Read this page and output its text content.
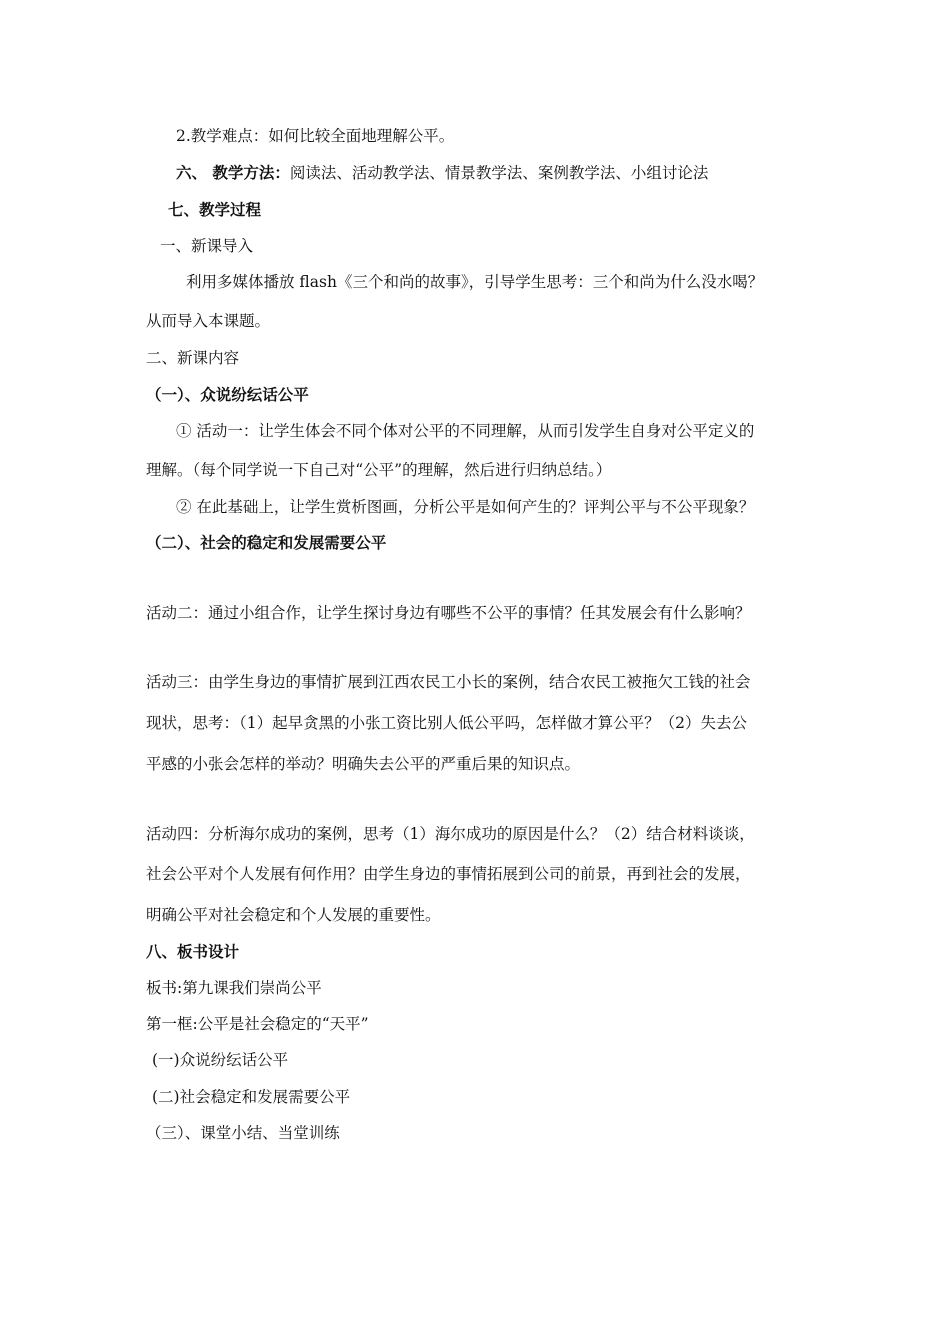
2.教学难点：如何比较全面地理解公平。
六、 教学方法：阅读法、活动教学法、情景教学法、案例教学法、小组讨论法
七、教学过程
一、新课导入
利用多媒体播放 flash《三个和尚的故事》，引导学生思考：三个和尚为什么没水喝？
从而导入本课题。
二、新课内容
（一）、众说纷纭话公平
① 活动一：让学生体会不同个体对公平的不同理解，从而引发学生自身对公平定义的
理解。（每个同学说一下自己对“公平”的理解，然后进行归纳总结。）
② 在此基础上，让学生赏析图画，分析公平是如何产生的？评判公平与不公平现象？
（二）、社会的稳定和发展需要公平
活动二：通过小组合作，让学生探讨身边有哪些不公平的事情？任其发展会有什么影响？
活动三：由学生身边的事情扩展到江西农民工小长的案例，结合农民工被拖欠工钱的社会
现状，思考：（1）起早贪黑的小张工资比别人低公平吗，怎样做才算公平？（2）失去公
平感的小张会怎样的举动？明确失去公平的严重后果的知识点。
活动四：分析海尔成功的案例，思考（1）海尔成功的原因是什么？（2）结合材料谈谈，
社会公平对个人发展有何作用？由学生身边的事情拓展到公司的前景，再到社会的发展，
明确公平对社会稳定和个人发展的重要性。
八、板书设计
板书:第九课我们崇尚公平
第一框:公平是社会稳定的“天平”
(一)众说纷纭话公平
(二)社会稳定和发展需要公平
（三）、课堂小结、当堂训练
